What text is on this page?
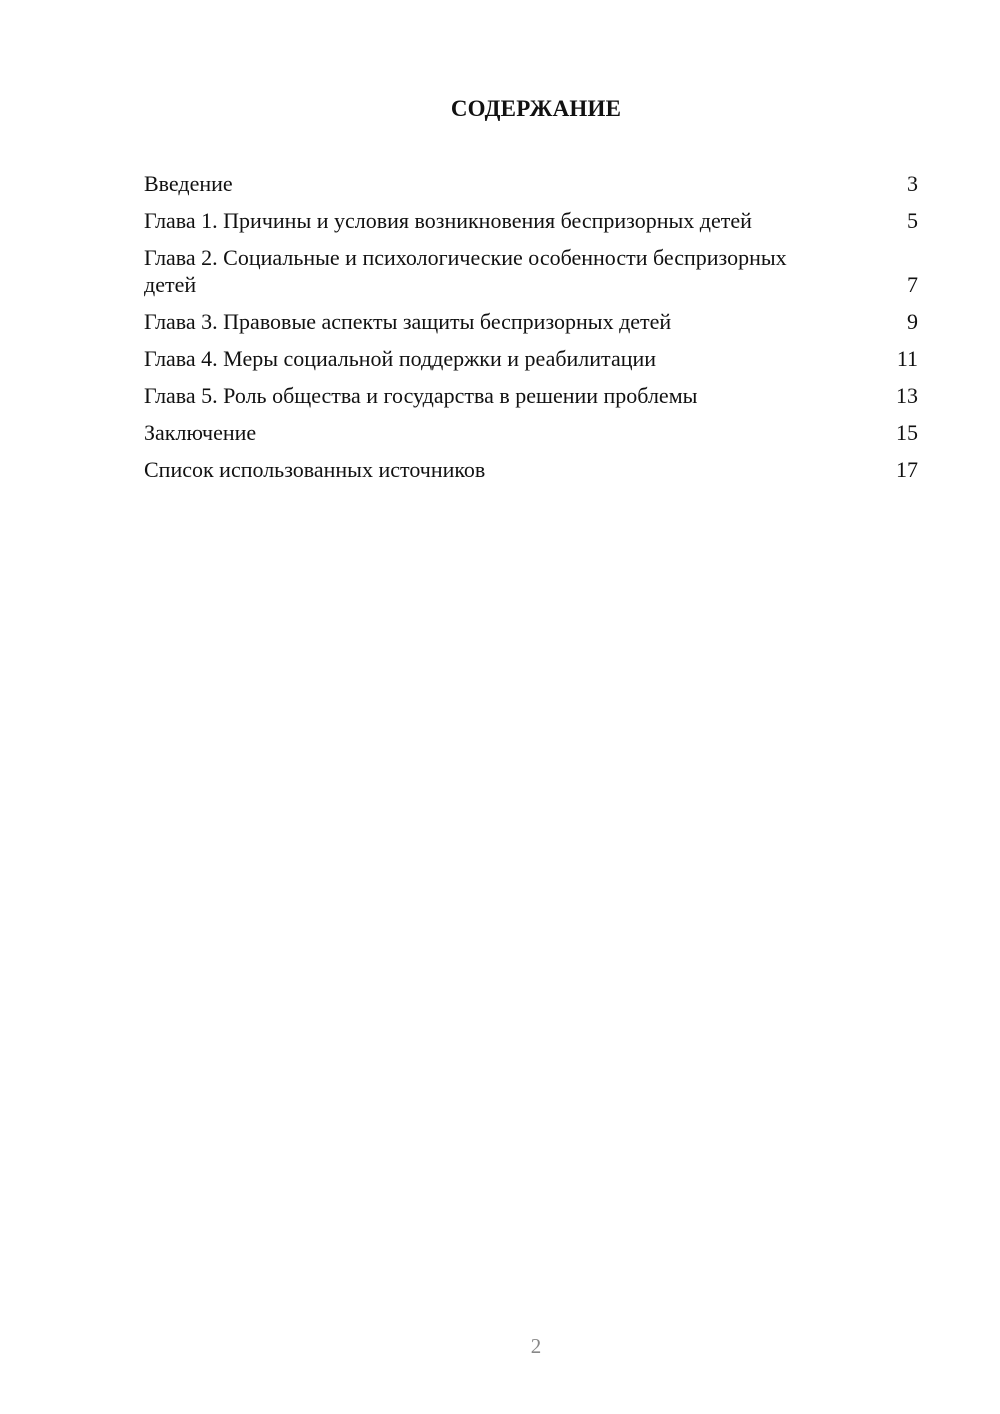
СОДЕРЖАНИЕ
Введение	3
Глава 1. Причины и условия возникновения беспризорных детей	5
Глава 2. Социальные и психологические особенности беспризорных детей	7
Глава 3. Правовые аспекты защиты беспризорных детей	9
Глава 4. Меры социальной поддержки и реабилитации	11
Глава 5. Роль общества и государства в решении проблемы	13
Заключение	15
Список использованных источников	17
2
